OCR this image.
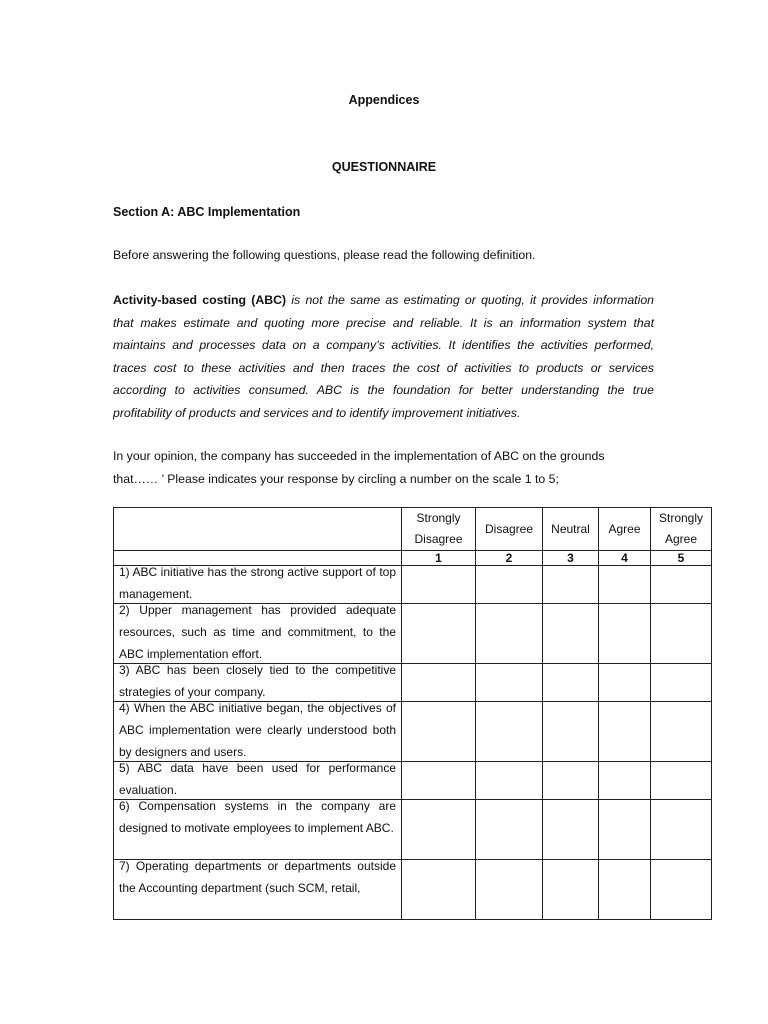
Appendices
QUESTIONNAIRE
Section A: ABC Implementation
Before answering the following questions, please read the following definition.
Activity-based costing (ABC) is not the same as estimating or quoting, it provides information
that makes estimate and quoting more precise and reliable. It is an information system that
maintains and processes data on a company’s activities. It identifies the activities performed,
traces cost to these activities and then traces the cost of activities to products or services
according to activities consumed. ABC is the foundation for better understanding the true
profitability of products and services and to identify improvement initiatives.
In your opinion, the company has succeeded in the implementation of ABC on the grounds
that…… ’ Please indicates your response by circling a number on the scale 1 to 5;
	Strongly Disagree	Disagree	Neutral	Agree	Strongly Agree
	1	2	3	4	5

1) ABC initiative has the strong active support of top management.					

2) Upper management has provided adequate resources, such as time and commitment, to the ABC implementation effort.					

3) ABC has been closely tied to the competitive strategies of your company.					

4) When the ABC initiative began, the objectives of ABC implementation were clearly understood both by designers and users.					

5) ABC data have been used for performance evaluation.					

6) Compensation systems in the company are designed to motivate employees to implement ABC.					

7) Operating departments or departments outside the Accounting department (such SCM, retail,					
